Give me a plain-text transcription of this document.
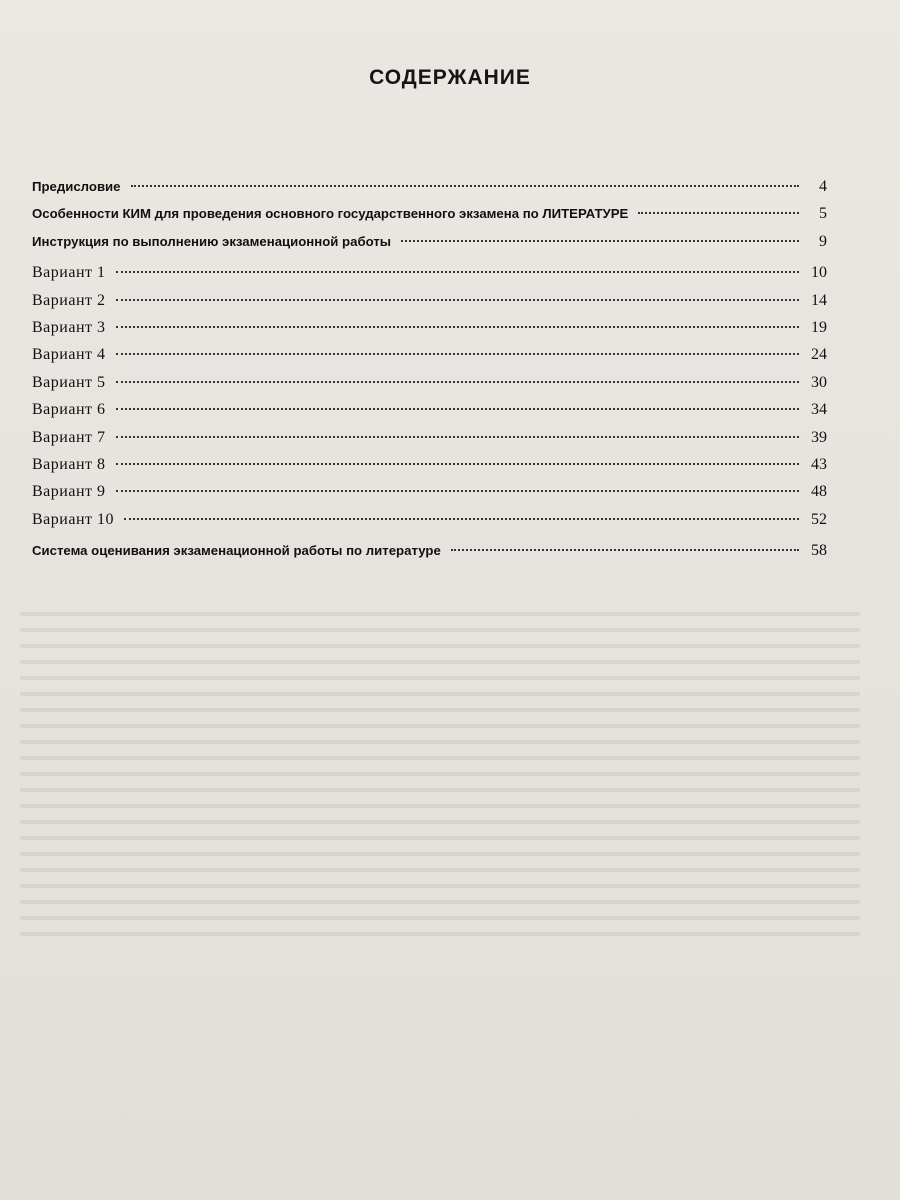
СОДЕРЖАНИЕ
Предисловие	4
Особенности КИМ для проведения основного государственного экзамена по ЛИТЕРАТУРЕ	5
Инструкция по выполнению экзаменационной работы	9
Вариант 1	10
Вариант 2	14
Вариант 3	19
Вариант 4	24
Вариант 5	30
Вариант 6	34
Вариант 7	39
Вариант 8	43
Вариант 9	48
Вариант 10	52
Система оценивания экзаменационной работы по литературе	58
